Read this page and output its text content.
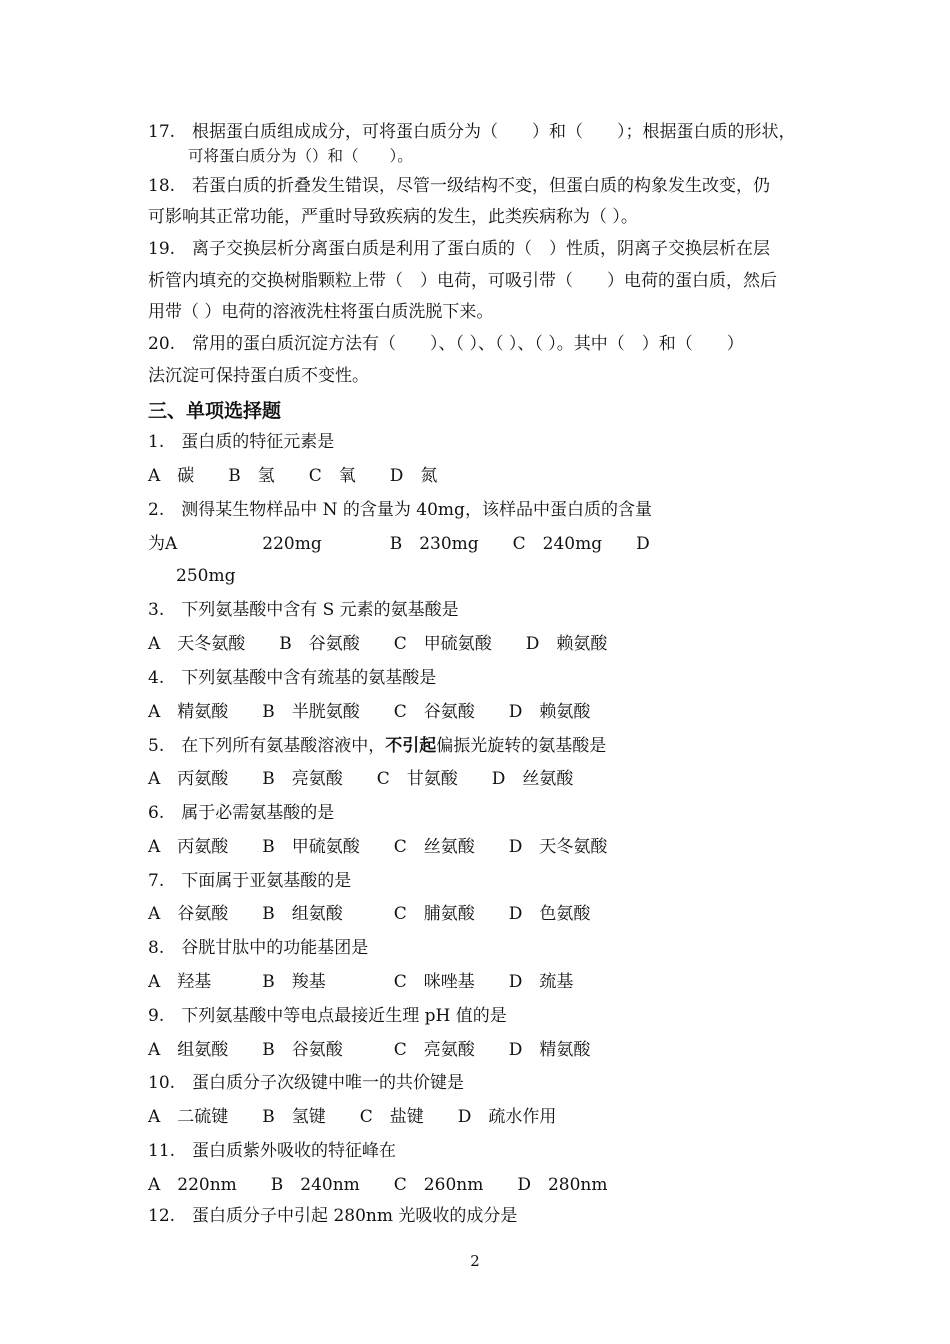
17.　根据蛋白质组成成分，可将蛋白质分为（　　）和（　　）；根据蛋白质的形状，
可将蛋白质分为（）和（　　）。
18.　若蛋白质的折叠发生错误，尽管一级结构不变，但蛋白质的构象发生改变，仍
可影响其正常功能，严重时导致疾病的发生，此类疾病称为（ ）。
19.　离子交换层析分离蛋白质是利用了蛋白质的（　）性质，阴离子交换层析在层
析管内填充的交换树脂颗粒上带（　）电荷，可吸引带（　　）电荷的蛋白质，然后
用带（ ）电荷的溶液洗柱将蛋白质洗脱下来。
20.　常用的蛋白质沉淀方法有（　　）、（ ）、（ ）、（ ）。其中（　）和（　　）
法沉淀可保持蛋白质不变性。
三、单项选择题
1.　蛋白质的特征元素是
A　碳　　B　氢　　C　氧　　D　氮
2.　测得某生物样品中 N 的含量为 40mg，该样品中蛋白质的含量
为A　　　　　220mg　　　　B　230mg　　C　240mg　　D
250mg
3.　下列氨基酸中含有 S 元素的氨基酸是
A　天冬氨酸　　B　谷氨酸　　C　甲硫氨酸　　D　赖氨酸
4.　下列氨基酸中含有巯基的氨基酸是
A　精氨酸　　B　半胱氨酸　　C　谷氨酸　　D　赖氨酸
5.　在下列所有氨基酸溶液中，不引起偏振光旋转的氨基酸是
A　丙氨酸　　B　亮氨酸　　C　甘氨酸　　D　丝氨酸
6.　属于必需氨基酸的是
A　丙氨酸　　B　甲硫氨酸　　C　丝氨酸　　D　天冬氨酸
7.　下面属于亚氨基酸的是
A　谷氨酸　　B　组氨酸　　　C　脯氨酸　　D　色氨酸
8.　谷胱甘肽中的功能基团是
A　羟基　　　B　羧基　　　　C　咪唑基　　D　巯基
9.　下列氨基酸中等电点最接近生理 pH 值的是
A　组氨酸　　B　谷氨酸　　　C　亮氨酸　　D　精氨酸
10.　蛋白质分子次级键中唯一的共价键是
A　二硫键　　B　氢键　　C　盐键　　D　疏水作用
11.　蛋白质紫外吸收的特征峰在
A　220nm　　B　240nm　　C　260nm　　D　280nm
12.　蛋白质分子中引起 280nm 光吸收的成分是
2
